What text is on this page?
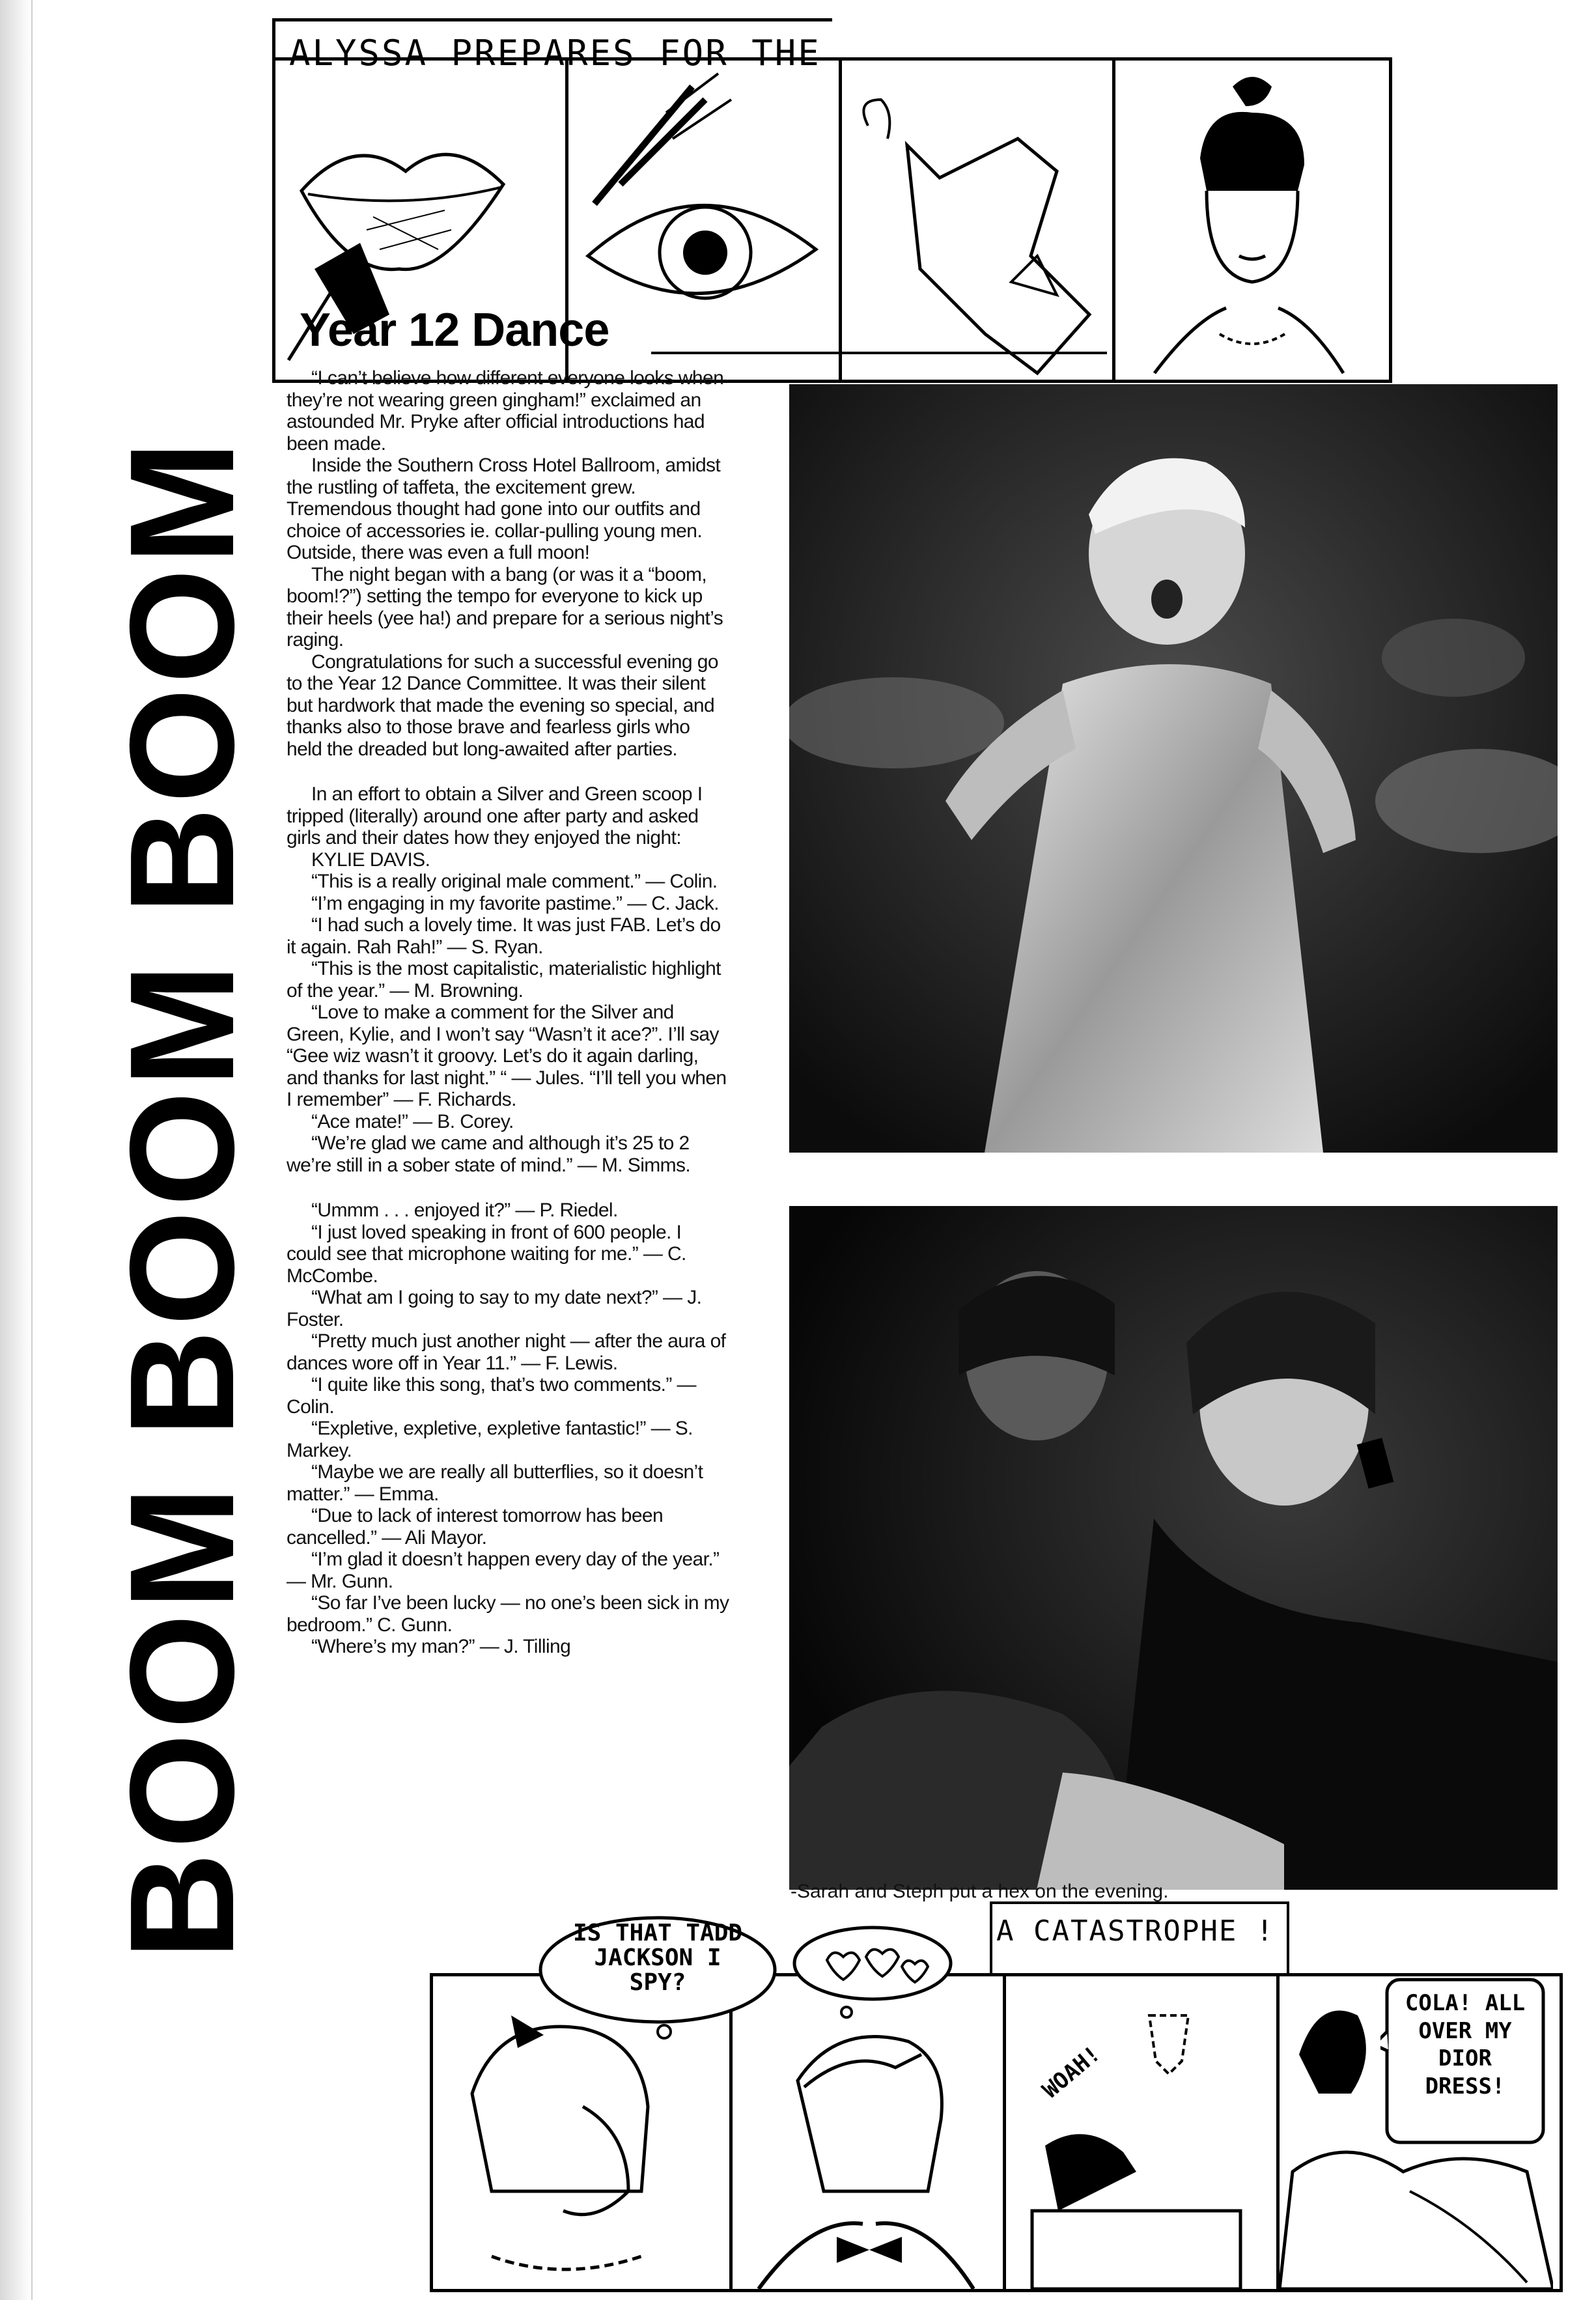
BOOM BOOM BOOM
ALYSSA PREPARES FOR THE
Year 12 Dance

“I can’t believe how different everyone looks when they’re not wearing green gingham!” exclaimed an astounded Mr. Pryke after official introductions had been made.

Inside the Southern Cross Hotel Ballroom, amidst the rustling of taffeta, the excitement grew. Tremendous thought had gone into our outfits and choice of accessories ie. collar-pulling young men. Outside, there was even a full moon!

The night began with a bang (or was it a “boom, boom!?”) setting the tempo for everyone to kick up their heels (yee ha!) and prepare for a serious night’s raging.

Congratulations for such a successful evening go to the Year 12 Dance Committee. It was their silent but hardwork that made the evening so special, and thanks also to those brave and fearless girls who held the dreaded but long-awaited after parties.

In an effort to obtain a Silver and Green scoop I tripped (literally) around one after party and asked girls and their dates how they enjoyed the night:

KYLIE DAVIS.

“This is a really original male comment.” — Colin.

“I’m engaging in my favorite pastime.” — C. Jack.

“I had such a lovely time. It was just FAB. Let’s do it again. Rah Rah!” — S. Ryan.

“This is the most capitalistic, materialistic highlight of the year.” — M. Browning.

“Love to make a comment for the Silver and Green, Kylie, and I won’t say “Wasn’t it ace?”. I’ll say “Gee wiz wasn’t it groovy. Let’s do it again darling, and thanks for last night.” “ — Jules. “I’ll tell you when I remember” — F. Richards.

“Ace mate!” — B. Corey.

“We’re glad we came and although it’s 25 to 2 we’re still in a sober state of mind.” — M. Simms.

“Ummm . . . enjoyed it?” — P. Riedel.

“I just loved speaking in front of 600 people. I could see that microphone waiting for me.” — C. McCombe.

“What am I going to say to my date next?” — J. Foster.

“Pretty much just another night — after the aura of dances wore off in Year 11.” — F. Lewis.

“I quite like this song, that’s two comments.” — Colin.

“Expletive, expletive, expletive fantastic!” — S. Markey.

“Maybe we are really all butterflies, so it doesn’t matter.” — Emma.

“Due to lack of interest tomorrow has been cancelled.” — Ali Mayor.

“I’m glad it doesn’t happen every day of the year.” — Mr. Gunn.

“So far I’ve been lucky — no one’s been sick in my bedroom.” C. Gunn.

“Where’s my man?” — J. Tilling

-Sarah and Steph put a hex on the evening.
A CATASTROPHE !
WOAH!
IS THAT TADD JACKSON I SPY?
COLA! ALL OVER MY DIOR DRESS!
